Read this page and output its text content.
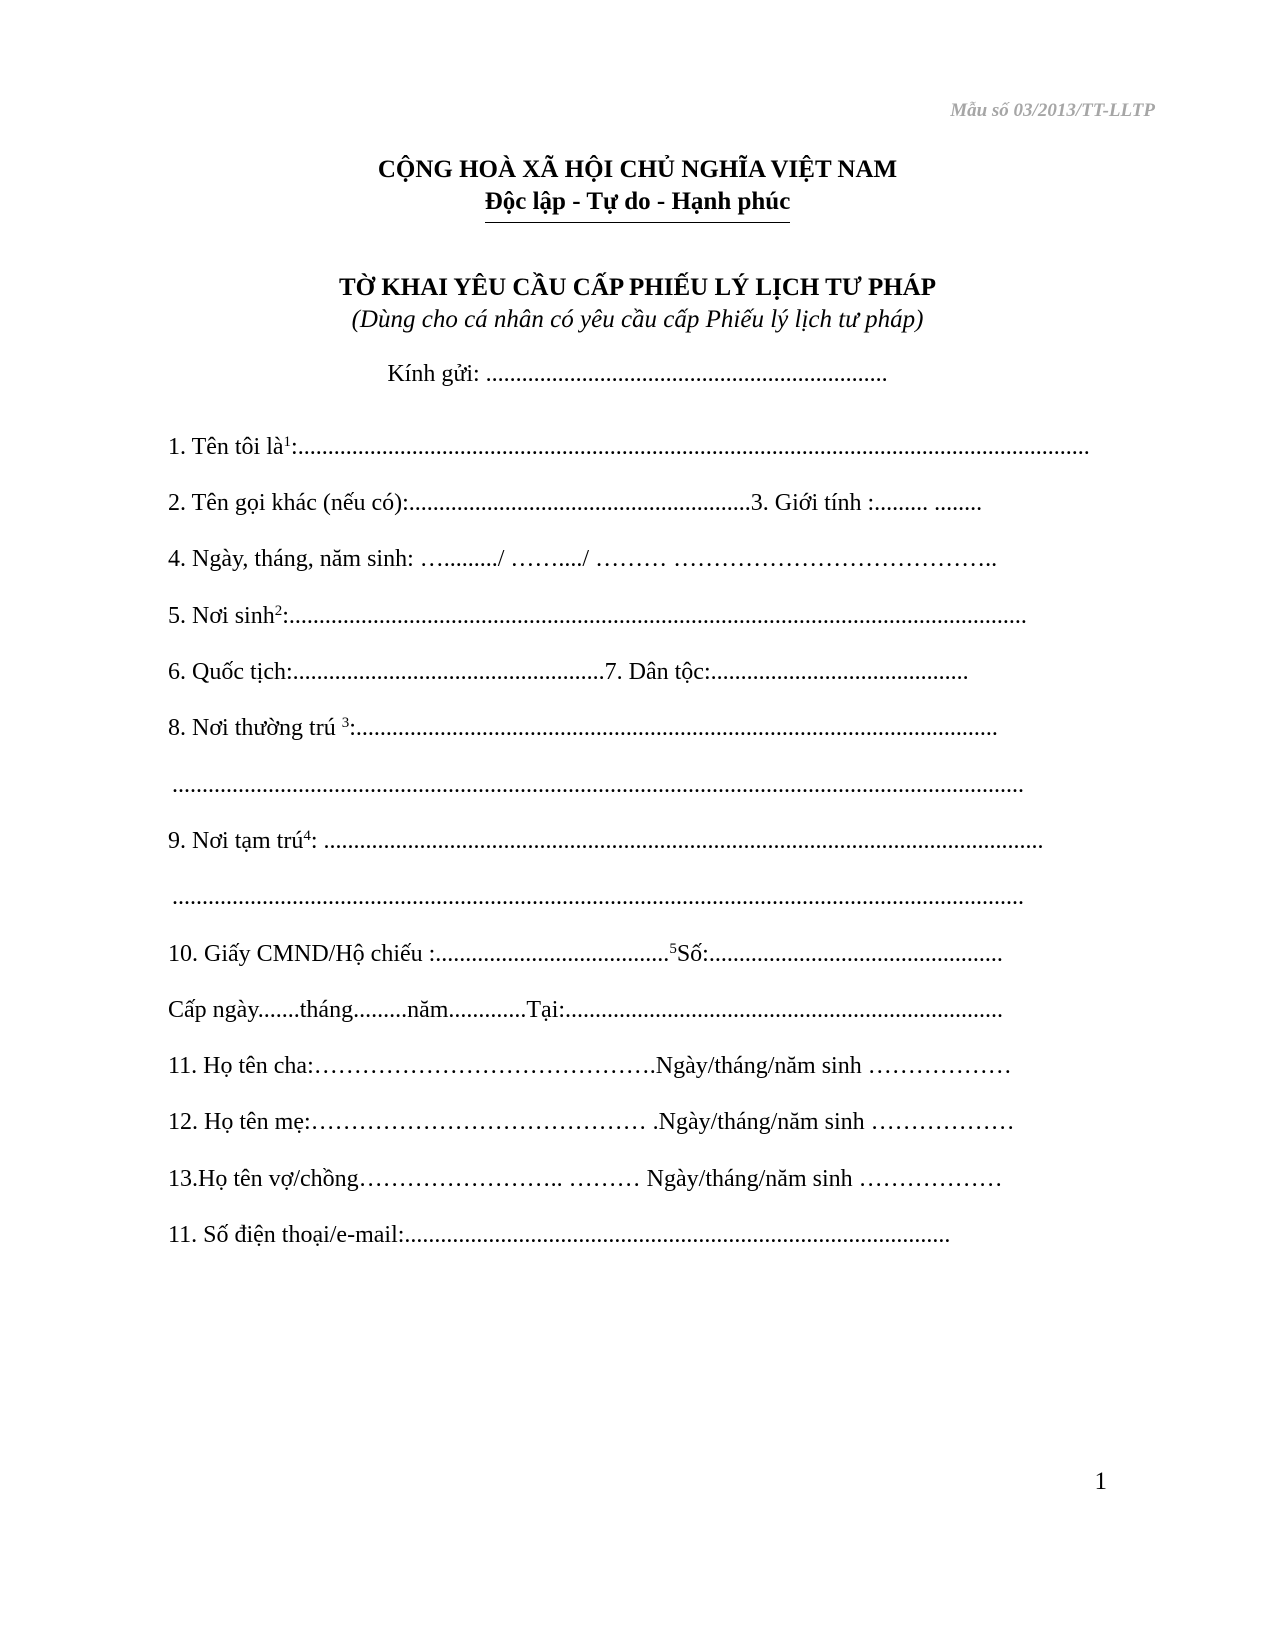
Mẫu số 03/2013/TT-LLTP
CỘNG HOÀ XÃ HỘI CHỦ NGHĨA VIỆT NAM
Độc lập - Tự do - Hạnh phúc
TỜ KHAI YÊU CẦU CẤP PHIẾU LÝ LỊCH TƯ PHÁP
(Dùng cho cá nhân có yêu cầu cấp Phiếu lý lịch tư pháp)
Kính gửi: ...................................................................
1. Tên tôi $là^1$:....................................................................................................................................
2. Tên gọi khác (nếu có):.........................................................3. Giới tính :......... ........
4. Ngày, tháng, năm sinh: …........./ ……..../ ……… …………………………………..
5. Nơi $\sinh^2$:...........................................................................................................................
6. Quốc tịch:....................................................7. Dân tộc:...........................................
8. Nơi thường trú $^3$:...........................................................................................................
..............................................................................................................................................
9. Nơi tạm trú$^4$: ........................................................................................................................
..............................................................................................................................................
10. Giấy CMND/Hộ chiếu :.......................................$^5$Số:.................................................
Cấp ngày.......tháng.........năm.............Tại:.........................................................................
11. Họ tên cha:…………………………………….Ngày/tháng/năm sinh ………………
12. Họ tên mẹ:…………………………………… .Ngày/tháng/năm sinh ………………
13.Họ tên vợ/chồng…………………….. ……… Ngày/tháng/năm sinh ………………
11. Số điện thoại/e-mail:...........................................................................................
1
